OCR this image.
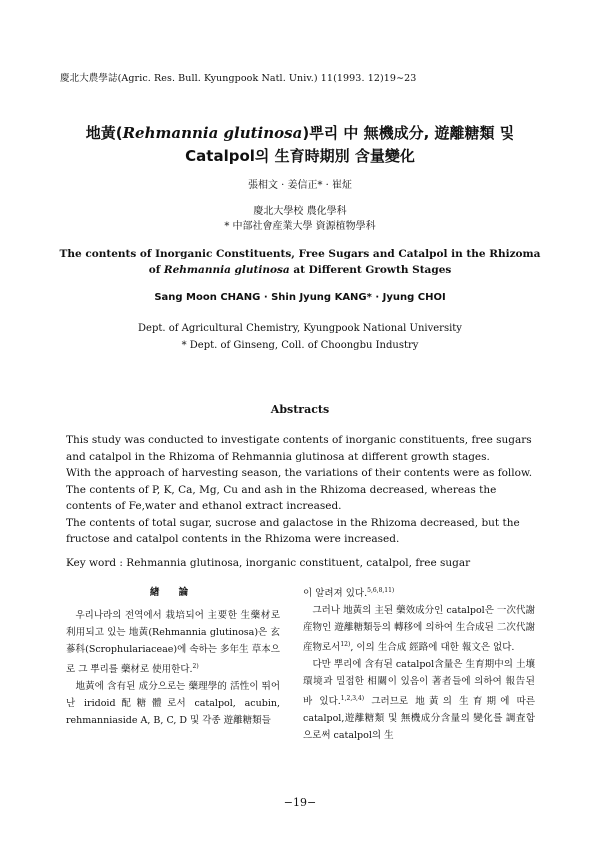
慶北大農學誌(Agric. Res. Bull. Kyungpook Natl. Univ.) 11(1993. 12)19∼23
地黃(Rehmannia glutinosa)뿌리 中 無機成分, 遊離糖類 및
Catalpol의 生育時期別 含量變化
張相文 · 姜信正* · 崔炡
慶北大學校 農化學科
* 中部社會産業大學 資源植物學科
The contents of Inorganic Constituents, Free Sugars and Catalpol in the Rhizoma
of Rehmannia glutinosa at Different Growth Stages
Sang Moon CHANG · Shin Jyung KANG* · Jyung CHOI
Dept. of Agricultural Chemistry, Kyungpook National University
* Dept. of Ginseng, Coll. of Choongbu Industry
Abstracts

This study was conducted to investigate contents of inorganic constituents, free sugars and catalpol in the Rhizoma of Rehmannia glutinosa at different growth stages.

With the approach of harvesting season, the variations of their contents were as follow.

The contents of P, K, Ca, Mg, Cu and ash in the Rhizoma decreased, whereas the contents of Fe,water and ethanol extract increased.

The contents of total sugar, sucrose and galactose in the Rhizoma decreased, but the fructose and catalpol contents in the Rhizoma were increased.

Key word : Rehmannia glutinosa, inorganic constituent, catalpol, free sugar
緖 論

우리나라의 전역에서 栽培되어 主要한 生藥材로 利用되고 있는 地黃(Rehmannia glutinosa)은 玄蔘科(Scrophulariaceae)에 속하는 多年生 草本으로 그 뿌리를 藥材로 使用한다.$^{2)}$

地黃에 含有된 成分으로는 藥理學的 活性이 뛰어난 iridoid配糖體로서 catalpol, acubin, rehmanniaside A, B, C, D 및 각종 遊離糖類들

이 알려져 있다.$^{5,6,8,11)}$

그러나 地黃의 主된 藥效成分인 catalpol은 一次代謝産物인 遊離糖類등의 轉移에 의하여 生合成된 二次代謝産物로서$^{12)}$, 이의 生合成 經路에 대한 報文은 없다.

다만 뿌리에 含有된 catalpol含量은 生育期中의 土壤環境과 밀접한 相關이 있음이 著者들에 의하여 報告된 바 있다.$^{1,2,3,4)}$ 그러므로 地黃의 生育期에 따른 catalpol,遊離糖類 및 無機成分含量의 變化를 調査함으로써 catalpol의 生

−19−
